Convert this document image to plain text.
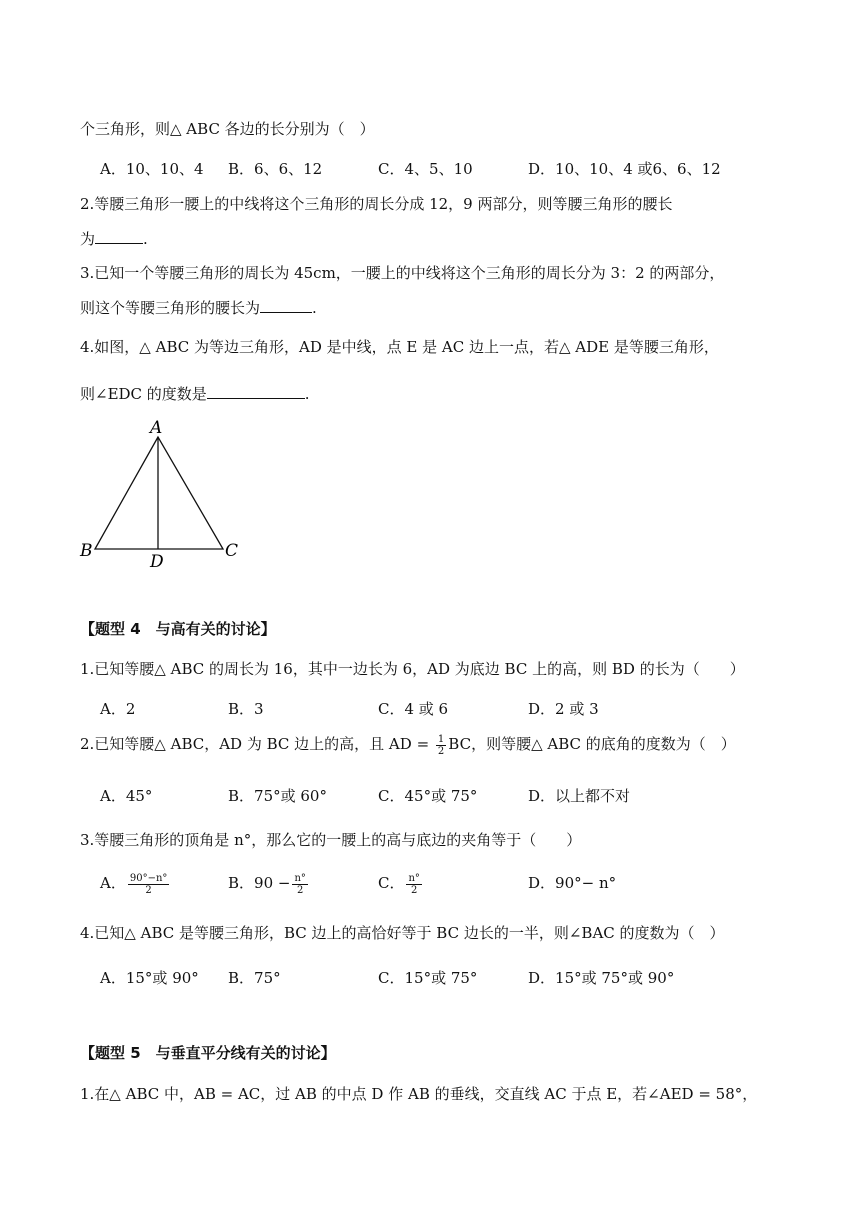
个三角形，则△ ABC 各边的长分别为（　）
A．10、10、4 B．6、6、12	C．4、5、10	D．10、10、4 或6、6、12
2.等腰三角形一腰上的中线将这个三角形的周长分成 12，9 两部分，则等腰三角形的腰长
为	.
3.已知一个等腰三角形的周长为 45cm，一腰上的中线将这个三角形的周长分为 3：2 的两部分，
则这个等腰三角形的腰长为	.
4.如图，△ ABC 为等边三角形，AD 是中线，点 E 是 AC 边上一点，若△ ADE 是等腰三角形，
则∠EDC 的度数是	.
A
B	C
D
【题型 4　与高有关的讨论】
1.已知等腰△ ABC 的周长为 16，其中一边长为 6，AD 为底边 BC 上的高，则 BD 的长为（　　）
A．2	B．3	C．4 或 6	D．2 或 3
2.已知等腰△ ABC，AD 为 BC 边上的高，且 AD = $\frac{1}{2}$ BC，则等腰△ ABC 的底角的度数为（　）
A．45°	B．75°或 60°	C．45°或 75°	D．以上都不对
3.等腰三角形的顶角是 n°，那么它的一腰上的高与底边的夹角等于（　　）
A． $\frac{90^\circ-n^\circ}{2}$	B．$90 - \frac{n^\circ}{2}$	C． $\frac{n^\circ}{2}$	D．90°− n°
4.已知△ ABC 是等腰三角形，BC 边上的高恰好等于 BC 边长的一半，则∠BAC 的度数为（　）
A．15°或 90° B．75°	C．15°或 75°	D．15°或 75°或 90°
【题型 5　与垂直平分线有关的讨论】
1.在△ ABC 中，AB = AC，过 AB 的中点 D 作 AB 的垂线，交直线 AC 于点 E，若∠AED = 58°，
